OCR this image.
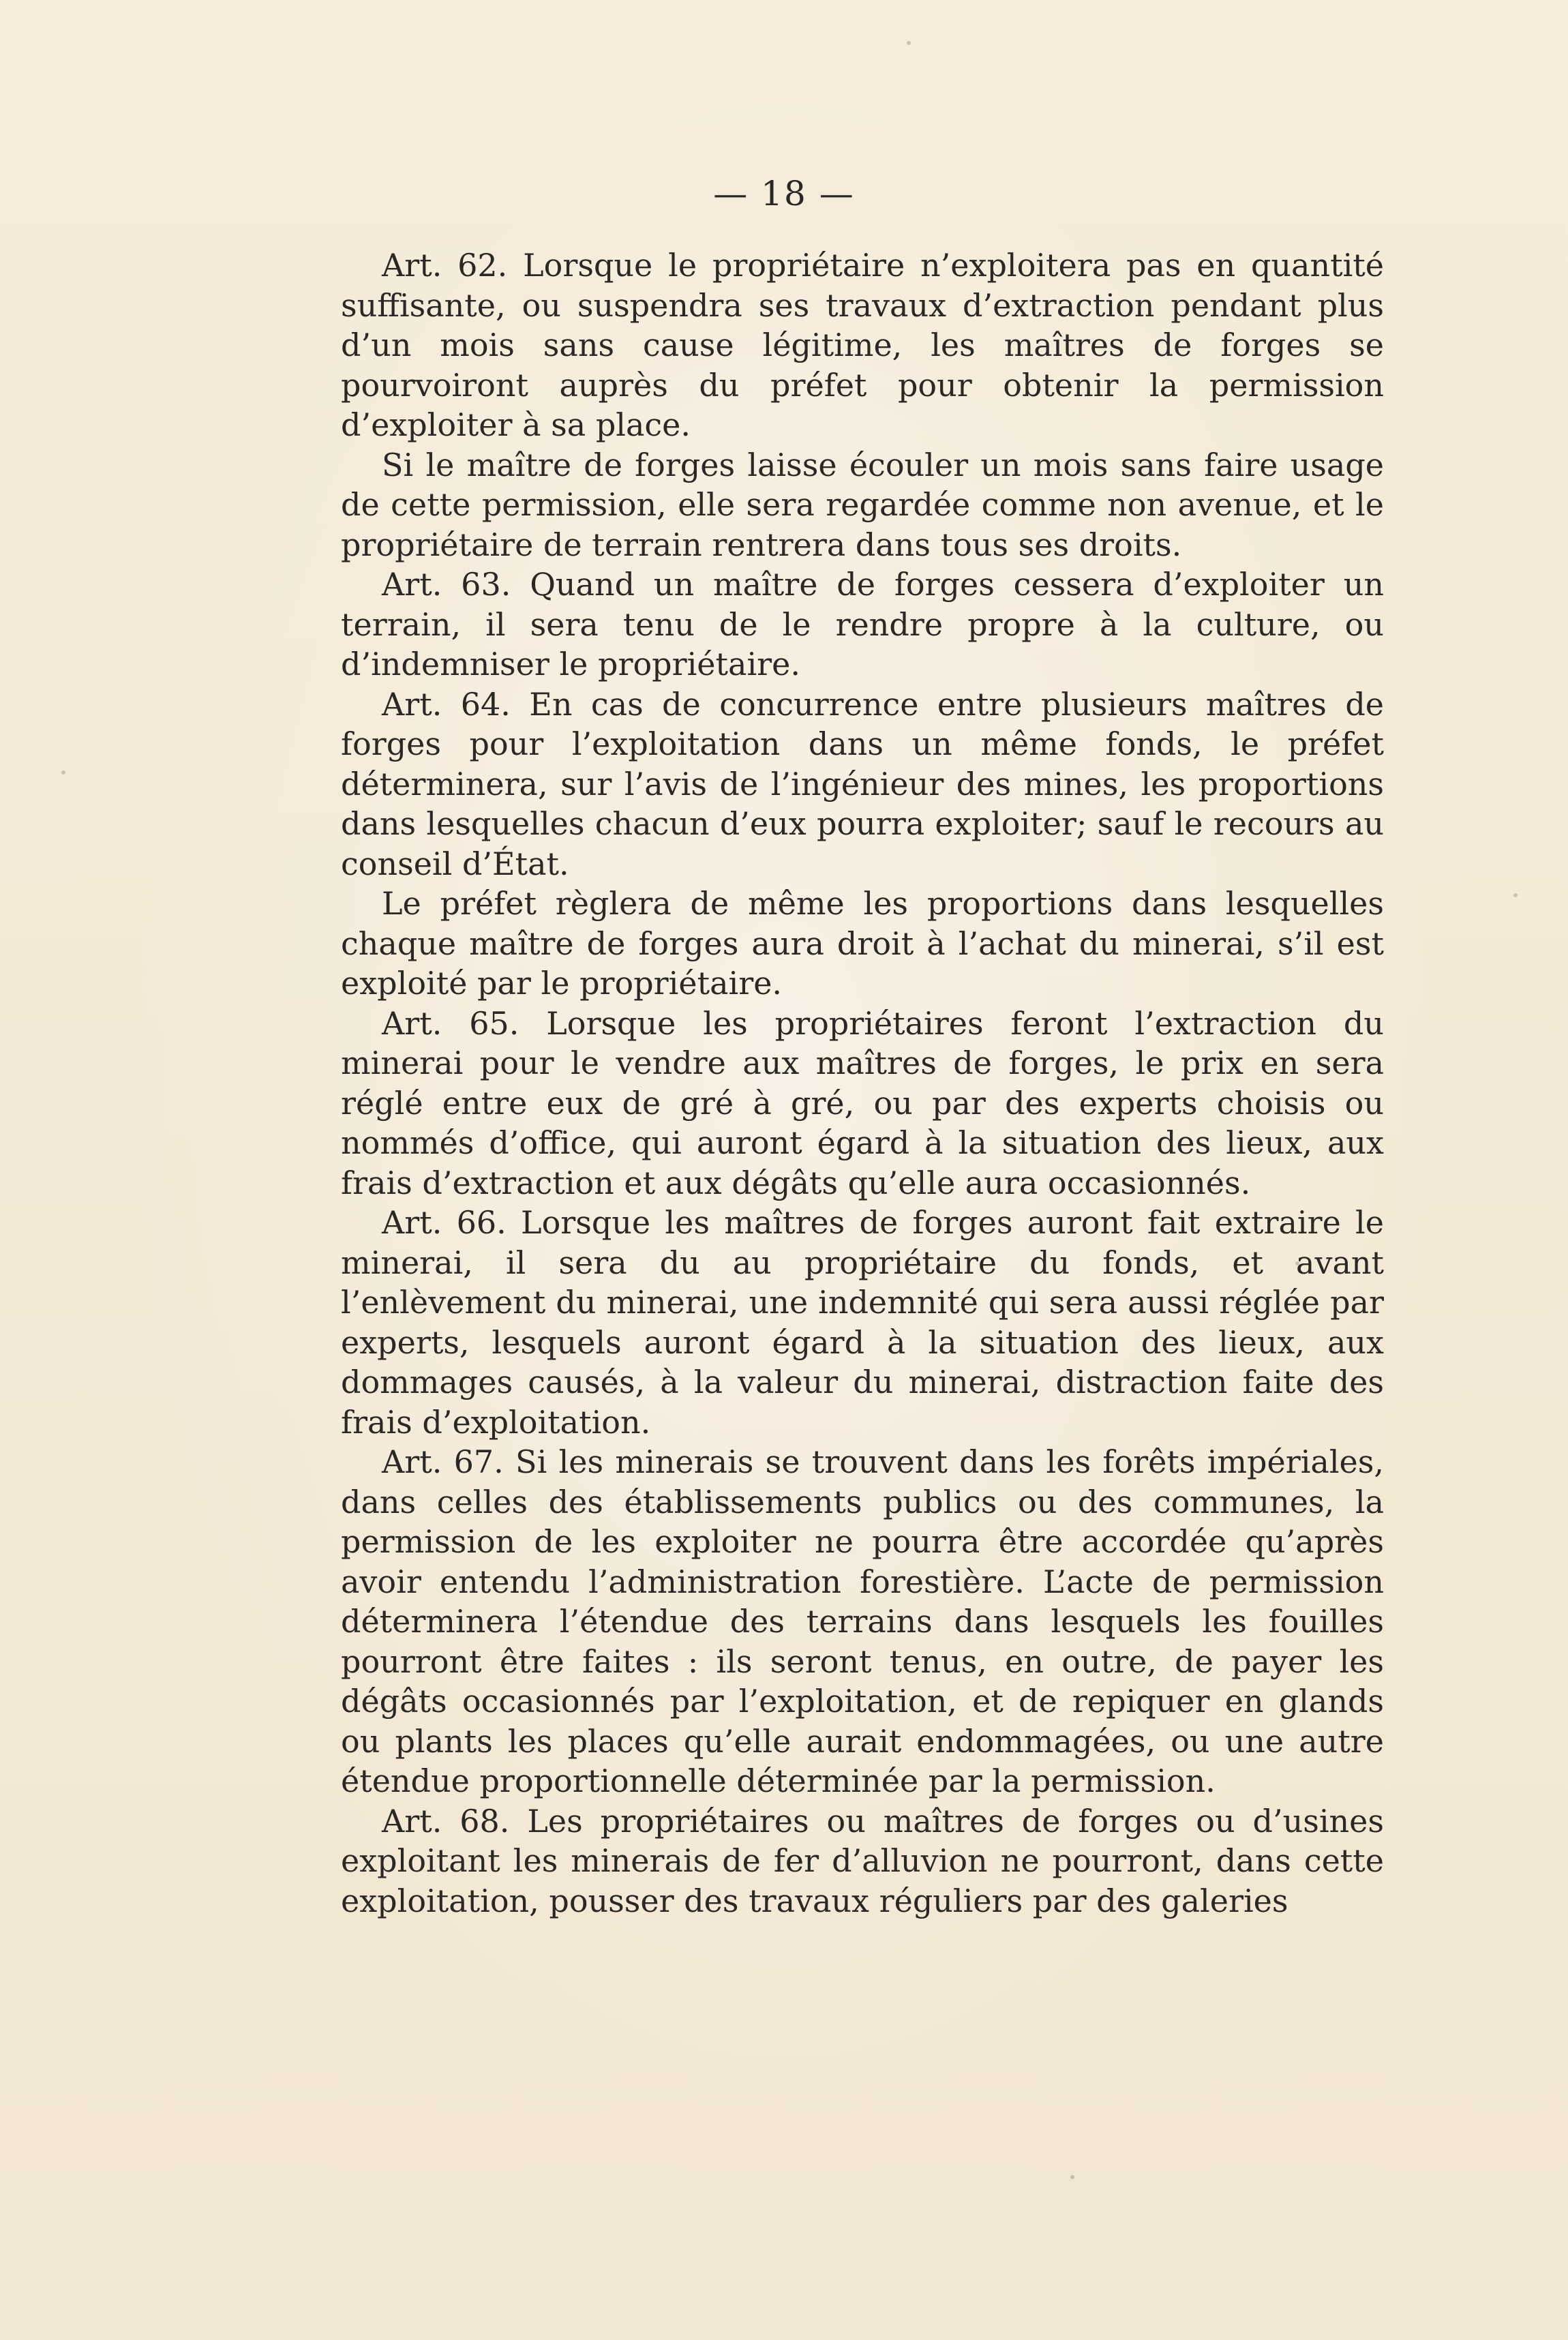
— 18 —

Art. 62. Lorsque le propriétaire n’exploitera pas en quantité suffisante, ou suspendra ses travaux d’extraction pendant plus d’un mois sans cause légitime, les maîtres de forges se pourvoiront auprès du préfet pour obtenir la permission d’exploiter à sa place.

Si le maître de forges laisse écouler un mois sans faire usage de cette permission, elle sera regardée comme non avenue, et le propriétaire de terrain rentrera dans tous ses droits.

Art. 63. Quand un maître de forges cessera d’exploiter un terrain, il sera tenu de le rendre propre à la culture, ou d’indemniser le propriétaire.

Art. 64. En cas de concurrence entre plusieurs maîtres de forges pour l’exploitation dans un même fonds, le préfet déterminera, sur l’avis de l’ingénieur des mines, les proportions dans lesquelles chacun d’eux pourra exploiter; sauf le recours au conseil d’État.

Le préfet règlera de même les proportions dans lesquelles chaque maître de forges aura droit à l’achat du minerai, s’il est exploité par le propriétaire.

Art. 65. Lorsque les propriétaires feront l’extraction du minerai pour le vendre aux maîtres de forges, le prix en sera réglé entre eux de gré à gré, ou par des experts choisis ou nommés d’office, qui auront égard à la situation des lieux, aux frais d’extraction et aux dégâts qu’elle aura occasionnés.

Art. 66. Lorsque les maîtres de forges auront fait extraire le minerai, il sera du au propriétaire du fonds, et avant l’enlèvement du minerai, une indemnité qui sera aussi réglée par experts, lesquels auront égard à la situation des lieux, aux dommages causés, à la valeur du minerai, distraction faite des frais d’exploitation.

Art. 67. Si les minerais se trouvent dans les forêts impériales, dans celles des établissements publics ou des communes, la permission de les exploiter ne pourra être accordée qu’après avoir entendu l’administration forestière. L’acte de permission déterminera l’étendue des terrains dans lesquels les fouilles pourront être faites : ils seront tenus, en outre, de payer les dégâts occasionnés par l’exploitation, et de repiquer en glands ou plants les places qu’elle aurait endommagées, ou une autre étendue proportionnelle déterminée par la permission.

Art. 68. Les propriétaires ou maîtres de forges ou d’usines exploitant les minerais de fer d’alluvion ne pourront, dans cette exploitation, pousser des travaux réguliers par des galeries
